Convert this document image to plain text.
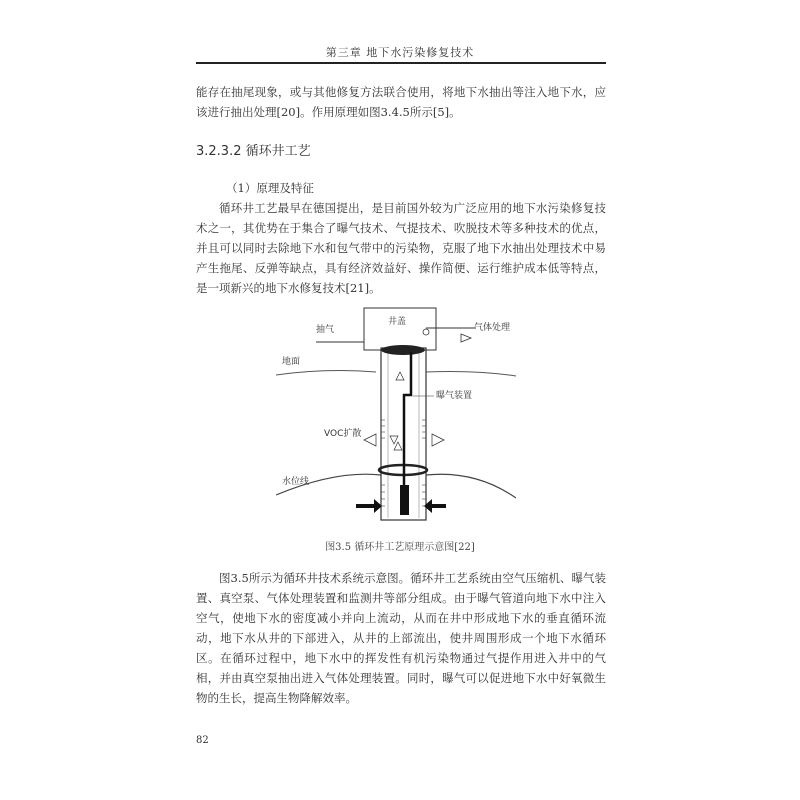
第三章 地下水污染修复技术

能存在抽尾现象，或与其他修复方法联合使用，将地下水抽出等注入地下水，应该进行抽出处理[20]。作用原理如图3.4.5所示[5]。

3.2.3.2 循环井工艺
（1）原理及特征

循环井工艺最早在德国提出，是目前国外较为广泛应用的地下水污染修复技术之一，其优势在于集合了曝气技术、气提技术、吹脱技术等多种技术的优点，并且可以同时去除地下水和包气带中的污染物，克服了地下水抽出处理技术中易产生拖尾、反弹等缺点，具有经济效益好、操作简便、运行维护成本低等特点，是一项新兴的地下水修复技术[21]。

井盖
抽气	气体处理
地面
曝气装置
VOC扩散
水位线
图3.5 循环井工艺原理示意图[22]

图3.5所示为循环井技术系统示意图。循环井工艺系统由空气压缩机、曝气装置、真空泵、气体处理装置和监测井等部分组成。由于曝气管道向地下水中注入空气，使地下水的密度减小并向上流动，从而在井中形成地下水的垂直循环流动，地下水从井的下部进入，从井的上部流出，使井周围形成一个地下水循环区。在循环过程中，地下水中的挥发性有机污染物通过气提作用进入井中的气相，并由真空泵抽出进入气体处理装置。同时，曝气可以促进地下水中好氧微生物的生长，提高生物降解效率。

82
